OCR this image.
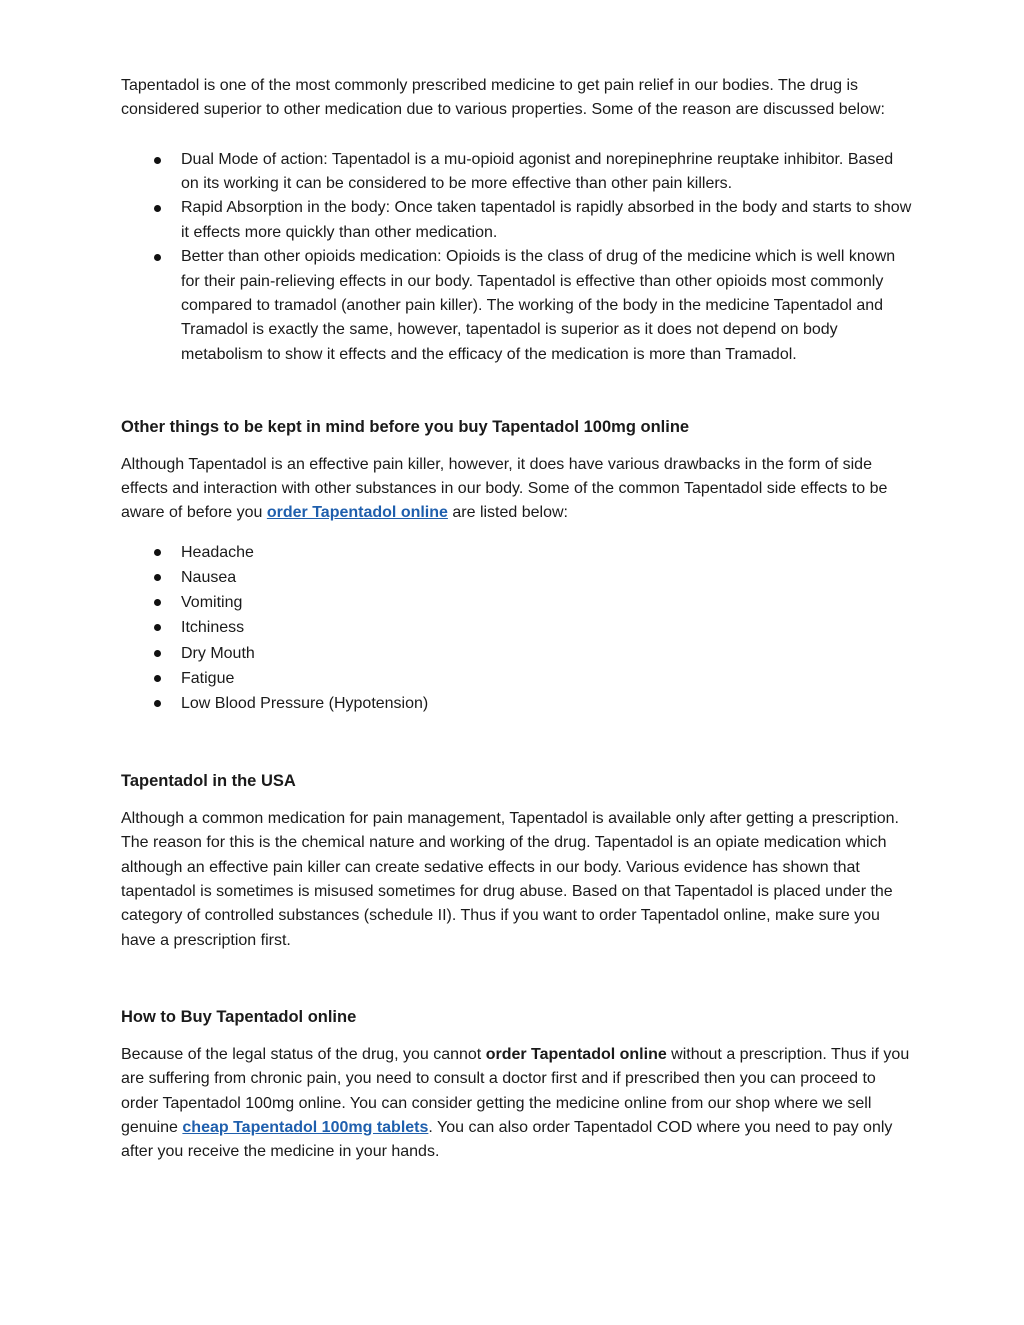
Tapentadol is one of the most commonly prescribed medicine to get pain relief in our bodies. The drug is considered superior to other medication due to various properties. Some of the reason are discussed below:

Dual Mode of action: Tapentadol is a mu-opioid agonist and norepinephrine reuptake inhibitor. Based on its working it can be considered to be more effective than other pain killers.
Rapid Absorption in the body: Once taken tapentadol is rapidly absorbed in the body and starts to show it effects more quickly than other medication.
Better than other opioids medication: Opioids is the class of drug of the medicine which is well known for their pain-relieving effects in our body. Tapentadol is effective than other opioids most commonly compared to tramadol (another pain killer). The working of the body in the medicine Tapentadol and Tramadol is exactly the same, however, tapentadol is superior as it does not depend on body metabolism to show it effects and the efficacy of the medication is more than Tramadol.
Other things to be kept in mind before you buy Tapentadol 100mg online

Although Tapentadol is an effective pain killer, however, it does have various drawbacks in the form of side effects and interaction with other substances in our body. Some of the common Tapentadol side effects to be aware of before you order Tapentadol online are listed below:

Headache
Nausea
Vomiting
Itchiness
Dry Mouth
Fatigue
Low Blood Pressure (Hypotension)
Tapentadol in the USA

Although a common medication for pain management, Tapentadol is available only after getting a prescription. The reason for this is the chemical nature and working of the drug. Tapentadol is an opiate medication which although an effective pain killer can create sedative effects in our body. Various evidence has shown that tapentadol is sometimes is misused sometimes for drug abuse. Based on that Tapentadol is placed under the category of controlled substances (schedule II). Thus if you want to order Tapentadol online, make sure you have a prescription first.

How to Buy Tapentadol online

Because of the legal status of the drug, you cannot order Tapentadol online without a prescription. Thus if you are suffering from chronic pain, you need to consult a doctor first and if prescribed then you can proceed to order Tapentadol 100mg online. You can consider getting the medicine online from our shop where we sell genuine cheap Tapentadol 100mg tablets. You can also order Tapentadol COD where you need to pay only after you receive the medicine in your hands.
